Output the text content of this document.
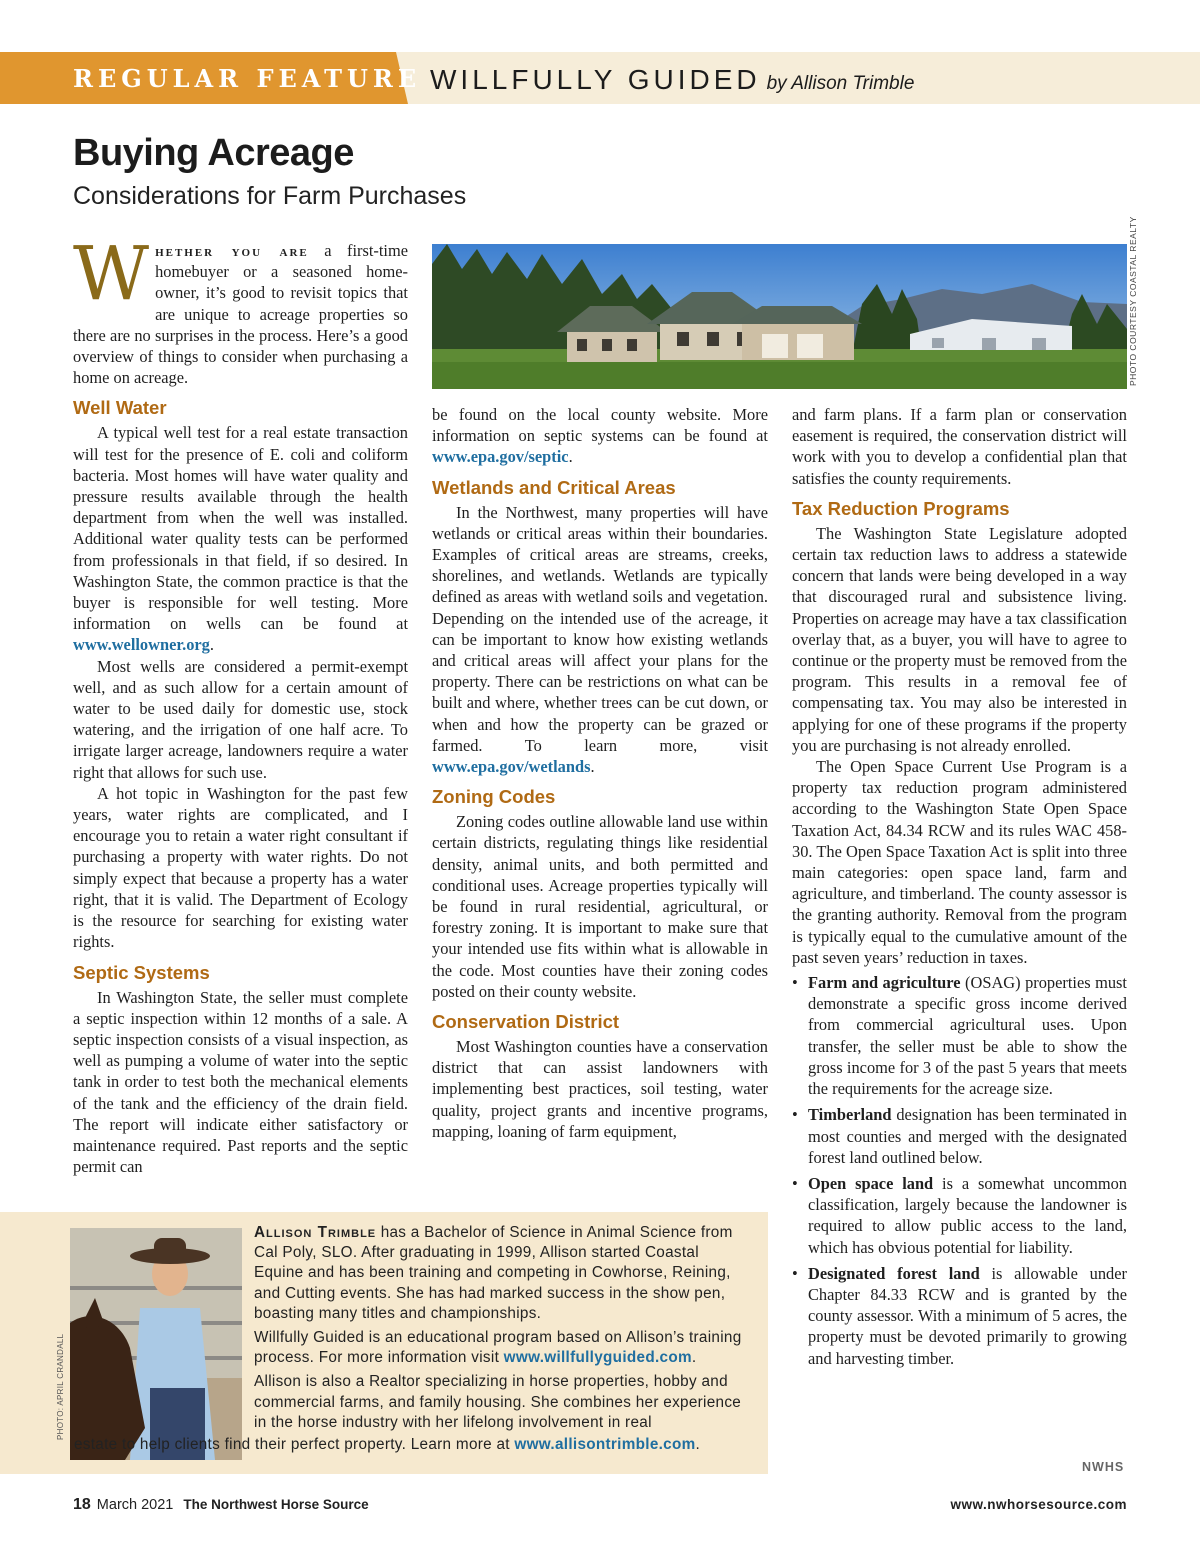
REGULAR FEATURE WILLFULLY GUIDED by Allison Trimble
Buying Acreage
Considerations for Farm Purchases

Whether you are a first-time homebuyer or a seasoned home-owner, it’s good to revisit topics that are unique to acreage properties so there are no surprises in the process. Here’s a good overview of things to consider when purchasing a home on acreage.

Well Water

A typical well test for a real estate transaction will test for the presence of E. coli and coliform bacteria. Most homes will have water quality and pressure results available through the health department from when the well was installed. Additional water quality tests can be performed from professionals in that field, if so desired. In Washington State, the common practice is that the buyer is responsible for well testing. More information on wells can be found at www.wellowner.org.

Most wells are considered a permit-exempt well, and as such allow for a certain amount of water to be used daily for domestic use, stock watering, and the irrigation of one half acre. To irrigate larger acreage, landowners require a water right that allows for such use.

A hot topic in Washington for the past few years, water rights are complicated, and I encourage you to retain a water right consultant if purchasing a property with water rights. Do not simply expect that because a property has a water right, that it is valid. The Department of Ecology is the resource for searching for existing water rights.

Septic Systems

In Washington State, the seller must complete a septic inspection within 12 months of a sale. A septic inspection consists of a visual inspection, as well as pumping a volume of water into the septic tank in order to test both the mechanical elements of the tank and the efficiency of the drain field. The report will indicate either satisfactory or maintenance required. Past reports and the septic permit can

PHOTO COURTESY COASTAL REALTY

be found on the local county website. More information on septic systems can be found at www.epa.gov/septic.

Wetlands and Critical Areas

In the Northwest, many properties will have wetlands or critical areas within their boundaries. Examples of critical areas are streams, creeks, shorelines, and wetlands. Wetlands are typically defined as areas with wetland soils and vegetation. Depending on the intended use of the acreage, it can be important to know how existing wetlands and critical areas will affect your plans for the property. There can be restrictions on what can be built and where, whether trees can be cut down, or when and how the property can be grazed or farmed. To learn more, visit www.epa.gov/wetlands.

Zoning Codes

Zoning codes outline allowable land use within certain districts, regulating things like residential density, animal units, and both permitted and conditional uses. Acreage properties typically will be found in rural residential, agricultural, or forestry zoning. It is important to make sure that your intended use fits within what is allowable in the code. Most counties have their zoning codes posted on their county website.

Conservation District

Most Washington counties have a conservation district that can assist landowners with implementing best practices, soil testing, water quality, project grants and incentive programs, mapping, loaning of farm equipment,

and farm plans. If a farm plan or conservation easement is required, the conservation district will work with you to develop a confidential plan that satisfies the county requirements.

Tax Reduction Programs

The Washington State Legislature adopted certain tax reduction laws to address a statewide concern that lands were being developed in a way that discouraged rural and subsistence living. Properties on acreage may have a tax classification overlay that, as a buyer, you will have to agree to continue or the property must be removed from the program. This results in a removal fee of compensating tax. You may also be interested in applying for one of these programs if the property you are purchasing is not already enrolled.

The Open Space Current Use Program is a property tax reduction program administered according to the Washington State Open Space Taxation Act, 84.34 RCW and its rules WAC 458-30. The Open Space Taxation Act is split into three main categories: open space land, farm and agriculture, and timberland. The county assessor is the granting authority. Removal from the program is typically equal to the cumulative amount of the past seven years’ reduction in taxes.

• Farm and agriculture (OSAG) properties must demonstrate a specific gross income derived from commercial agricultural uses. Upon transfer, the seller must be able to show the gross income for 3 of the past 5 years that meets the requirements for the acreage size.
• Timberland designation has been terminated in most counties and merged with the designated forest land outlined below.
• Open space land is a somewhat uncommon classification, largely because the landowner is required to allow public access to the land, which has obvious potential for liability.
• Designated forest land is allowable under Chapter 84.33 RCW and is granted by the county assessor. With a minimum of 5 acres, the property must be devoted primarily to growing and harvesting timber.
NWHS
PHOTO: APRIL CRANDALL

Allison Trimble has a Bachelor of Science in Animal Science from Cal Poly, SLO. After graduating in 1999, Allison started Coastal Equine and has been training and competing in Cowhorse, Reining, and Cutting events. She has had marked success in the show pen, boasting many titles and championships.

Willfully Guided is an educational program based on Allison’s training process. For more information visit www.willfullyguided.com.

Allison is also a Realtor specializing in horse properties, hobby and commercial farms, and family housing. She combines her experience in the horse industry with her lifelong involvement in real

estate to help clients find their perfect property. Learn more at www.allisontrimble.com.
18 March 2021 The Northwest Horse Source	www.nwhorsesource.com
